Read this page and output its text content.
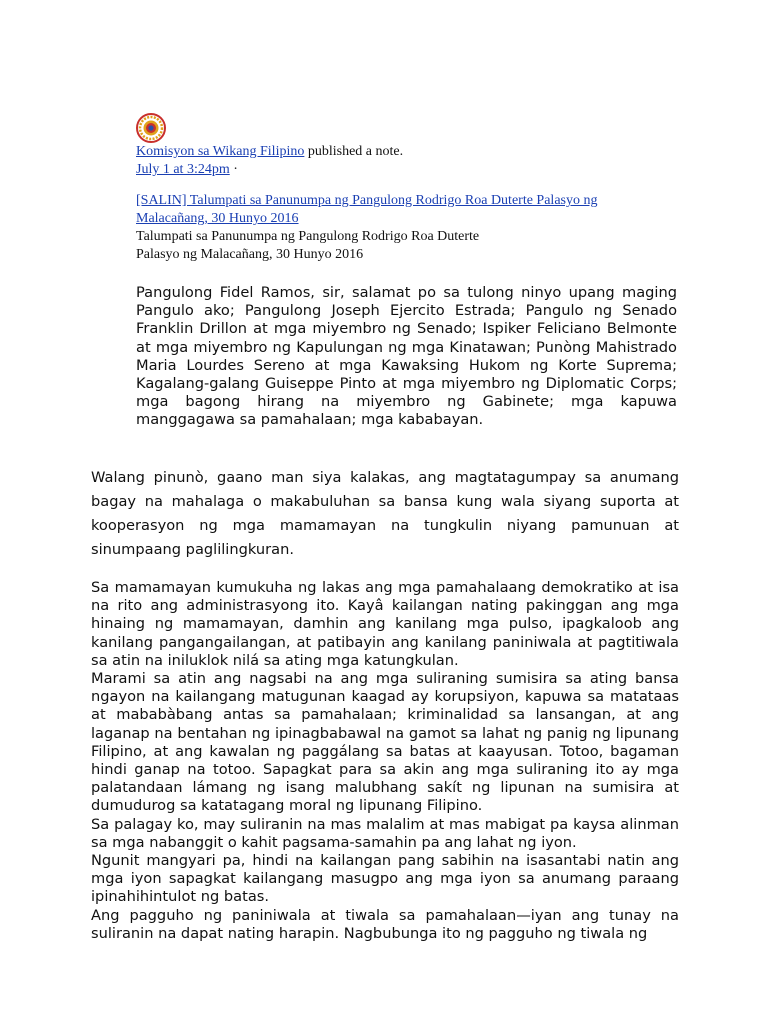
Komisyon sa Wikang Filipino published a note.
July 1 at 3:24pm ·
[SALIN] Talumpati sa Panunumpa ng Pangulong Rodrigo Roa Duterte Palasyo ng Malacañang, 30 Hunyo 2016
Talumpati sa Panunumpa ng Pangulong Rodrigo Roa Duterte
Palasyo ng Malacañang, 30 Hunyo 2016

Pangulong Fidel Ramos, sir, salamat po sa tulong ninyo upang maging Pangulo ako; Pangulong Joseph Ejercito Estrada; Pangulo ng Senado Franklin Drillon at mga miyembro ng Senado; Ispiker Feliciano Belmonte at mga miyembro ng Kapulungan ng mga Kinatawan; Punòng Mahistrado Maria Lourdes Sereno at mga Kawaksing Hukom ng Korte Suprema; Kagalang-galang Guiseppe Pinto at mga miyembro ng Diplomatic Corps; mga bagong hirang na miyembro ng Gabinete; mga kapuwa manggagawa sa pamahalaan; mga kababayan.

Walang pinunò, gaano man siya kalakas, ang magtatagumpay sa anumang bagay na mahalaga o makabuluhan sa bansa kung wala siyang suporta at kooperasyon ng mga mamamayan na tungkulin niyang pamunuan at sinumpaang paglilingkuran.

Sa mamamayan kumukuha ng lakas ang mga pamahalaang demokratiko at isa na rito ang administrasyong ito. Kayâ kailangan nating pakinggan ang mga hinaing ng mamamayan, damhin ang kanilang mga pulso, ipagkaloob ang kanilang pangangailangan, at patibayin ang kanilang paniniwala at pagtitiwala sa atin na iniluklok nilá sa ating mga katungkulan.

Marami sa atin ang nagsabi na ang mga suliraning sumisira sa ating bansa ngayon na kailangang matugunan kaagad ay korupsiyon, kapuwa sa matataas at mababàbang antas sa pamahalaan; kriminalidad sa lansangan, at ang laganap na bentahan ng ipinagbabawal na gamot sa lahat ng panig ng lipunang Filipino, at ang kawalan ng paggálang sa batas at kaayusan. Totoo, bagaman hindi ganap na totoo. Sapagkat para sa akin ang mga suliraning ito ay mga palatandaan lámang ng isang malubhang sakít ng lipunan na sumisira at dumudurog sa katatagang moral ng lipunang Filipino.

Sa palagay ko, may suliranin na mas malalim at mas mabigat pa kaysa alinman sa mga nabanggit o kahit pagsama-samahin pa ang lahat ng iyon.

Ngunit mangyari pa, hindi na kailangan pang sabihin na isasantabi natin ang mga iyon sapagkat kailangang masugpo ang mga iyon sa anumang paraang ipinahihintulot ng batas.

Ang pagguho ng paniniwala at tiwala sa pamahalaan—iyan ang tunay na suliranin na dapat nating harapin. Nagbubunga ito ng pagguho ng tiwala ng
